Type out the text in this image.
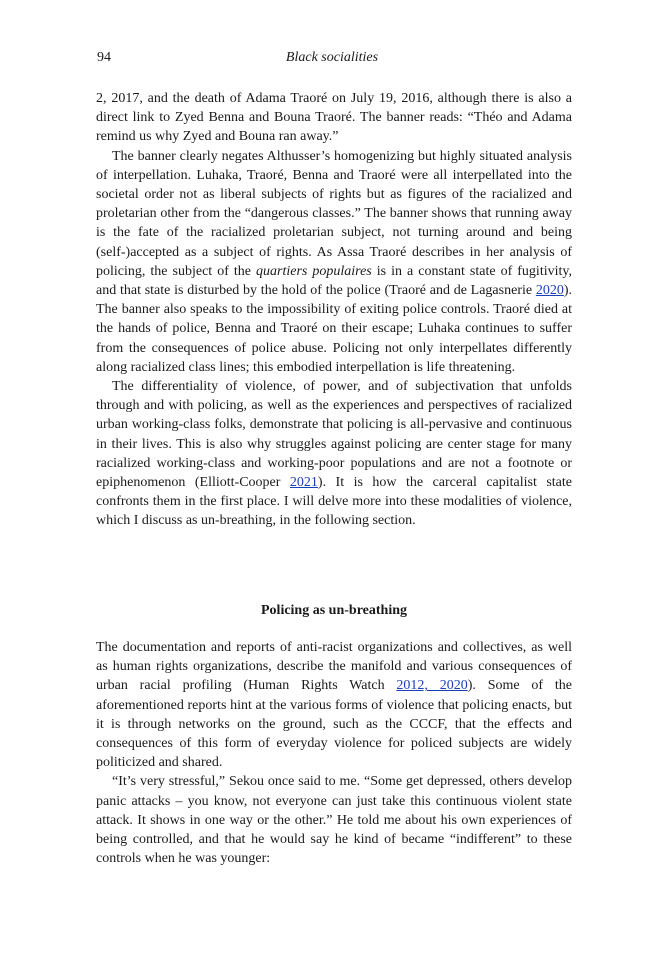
94	Black socialities

2, 2017, and the death of Adama Traoré on July 19, 2016, although there is also a direct link to Zyed Benna and Bouna Traoré. The banner reads: “Théo and Adama remind us why Zyed and Bouna ran away.”

The banner clearly negates Althusser’s homogenizing but highly situated analysis of interpellation. Luhaka, Traoré, Benna and Traoré were all interpellated into the societal order not as liberal subjects of rights but as figures of the racialized and proletarian other from the “dangerous classes.” The banner shows that running away is the fate of the racialized proletarian subject, not turning around and being (self-)accepted as a subject of rights. As Assa Traoré describes in her analysis of policing, the subject of the quartiers populaires is in a constant state of fugitivity, and that state is disturbed by the hold of the police (Traoré and de Lagasnerie 2020). The banner also speaks to the impossibility of exiting police controls. Traoré died at the hands of police, Benna and Traoré on their escape; Luhaka continues to suffer from the consequences of police abuse. Policing not only interpellates differently along racialized class lines; this embodied interpellation is life threatening.

The differentiality of violence, of power, and of subjectivation that unfolds through and with policing, as well as the experiences and perspectives of racialized urban working-class folks, demonstrate that policing is all-pervasive and continuous in their lives. This is also why struggles against policing are center stage for many racialized working-class and working-poor populations and are not a footnote or epiphenomenon (Elliott-Cooper 2021). It is how the carceral capitalist state confronts them in the first place. I will delve more into these modalities of violence, which I discuss as un-breathing, in the following section.

Policing as un-breathing

The documentation and reports of anti-racist organizations and collectives, as well as human rights organizations, describe the manifold and various consequences of urban racial profiling (Human Rights Watch 2012, 2020). Some of the aforementioned reports hint at the various forms of violence that policing enacts, but it is through networks on the ground, such as the CCCF, that the effects and consequences of this form of everyday violence for policed subjects are widely politicized and shared.

“It’s very stressful,” Sekou once said to me. “Some get depressed, others develop panic attacks – you know, not everyone can just take this continuous violent state attack. It shows in one way or the other.” He told me about his own experiences of being controlled, and that he would say he kind of became “indifferent” to these controls when he was younger:
